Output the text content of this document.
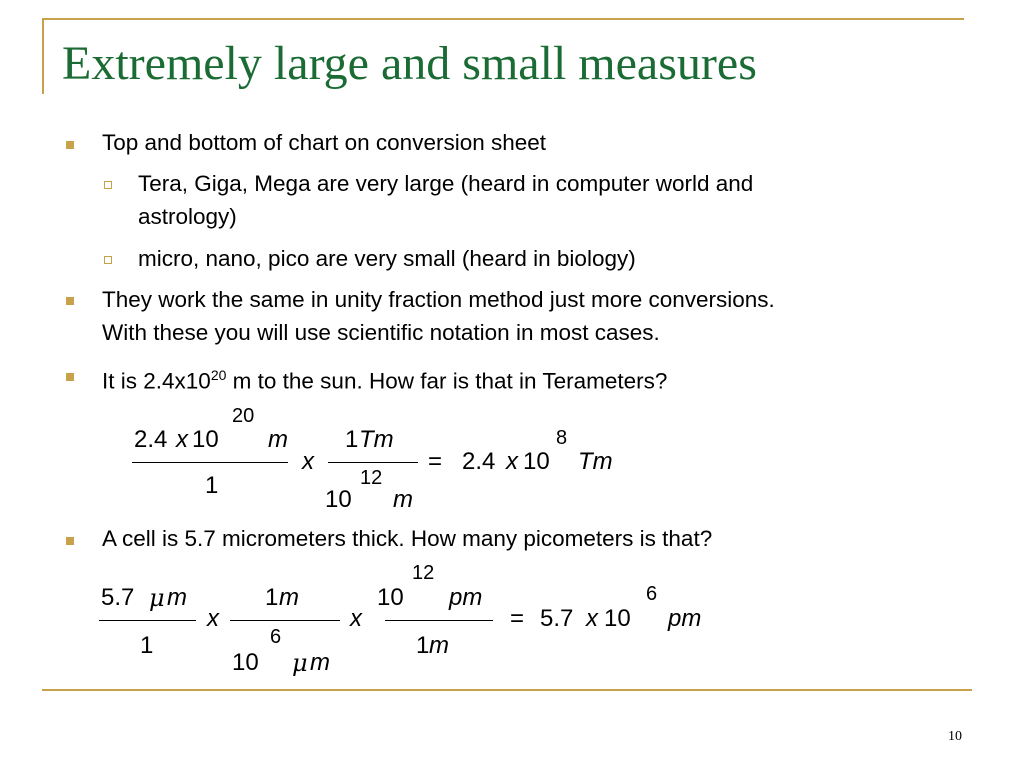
Extremely large and small measures
Top and bottom of chart on conversion sheet
Tera, Giga, Mega are very large (heard in computer world and
astrology)
micro, nano, pico are very small (heard in biology)
They work the same in unity fraction method just more conversions.
With these you will use scientific notation in most cases.
It is $2.4x10^{20}$ m to the sun. How far is that in Terameters?
2.4 x 10
20
m
1
x
1 Tm
10
12
m
= 2.4 x 10
8
Tm
A cell is 5.7 micrometers thick. How many picometers is that?
5.7 μ m
1
x
1 m
10
6
μ m
x
10
12
pm
1 m
= 5.7 x 10
6
pm
10
